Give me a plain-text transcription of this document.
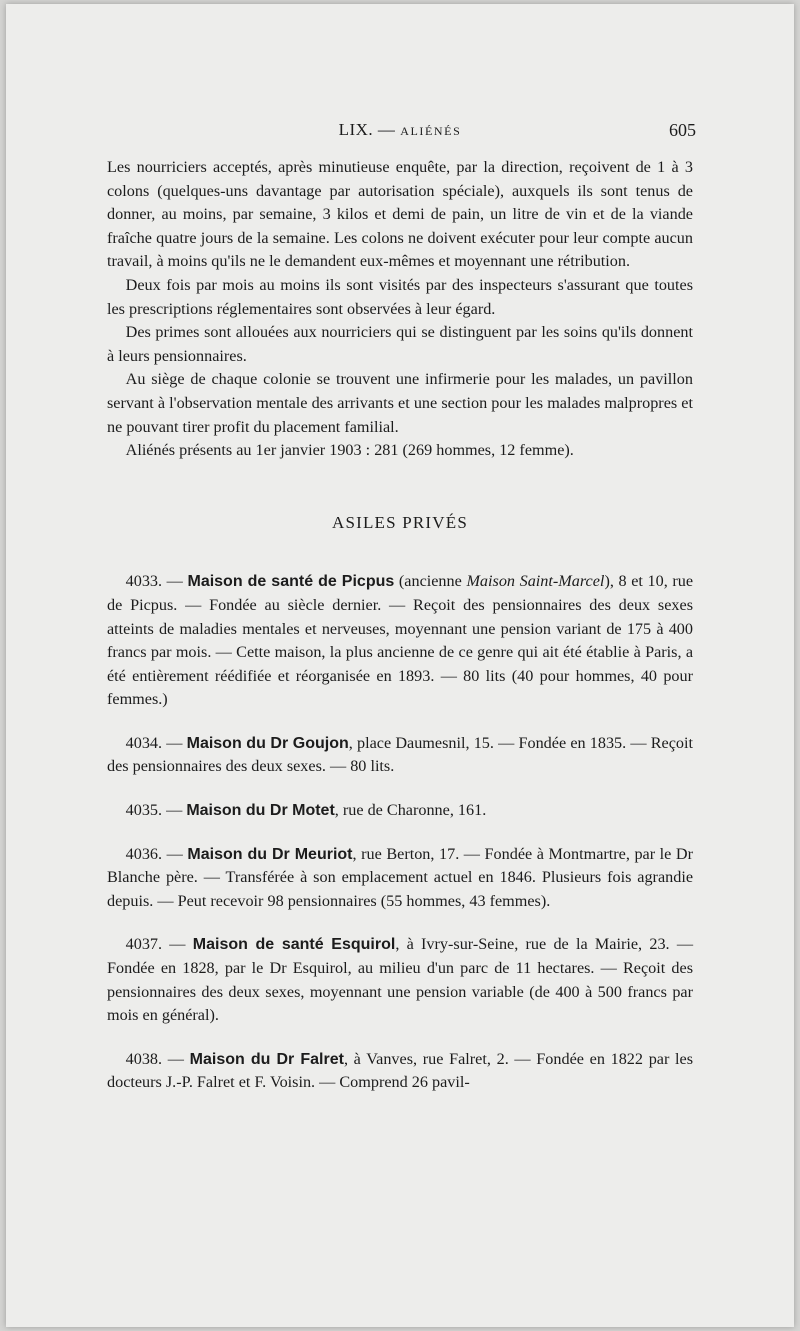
LIX. — ALIÉNÉS	605

Les nourriciers acceptés, après minutieuse enquête, par la direction, reçoivent de 1 à 3 colons (quelques-uns davantage par autorisation spéciale), auxquels ils sont tenus de donner, au moins, par semaine, 3 kilos et demi de pain, un litre de vin et de la viande fraîche quatre jours de la semaine. Les colons ne doivent exécuter pour leur compte aucun travail, à moins qu'ils ne le demandent eux-mêmes et moyennant une rétribution.

Deux fois par mois au moins ils sont visités par des inspecteurs s'assurant que toutes les prescriptions réglementaires sont observées à leur égard.

Des primes sont allouées aux nourriciers qui se distinguent par les soins qu'ils donnent à leurs pensionnaires.

Au siège de chaque colonie se trouvent une infirmerie pour les malades, un pavillon servant à l'observation mentale des arrivants et une section pour les malades malpropres et ne pouvant tirer profit du placement familial.

Aliénés présents au 1er janvier 1903 : 281 (269 hommes, 12 femme).

ASILES PRIVÉS

4033. — Maison de santé de Picpus (ancienne Maison Saint-Marcel), 8 et 10, rue de Picpus. — Fondée au siècle dernier. — Reçoit des pensionnaires des deux sexes atteints de maladies mentales et nerveuses, moyennant une pension variant de 175 à 400 francs par mois. — Cette maison, la plus ancienne de ce genre qui ait été établie à Paris, a été entièrement réédifiée et réorganisée en 1893. — 80 lits (40 pour hommes, 40 pour femmes.)

4034. — Maison du Dr Goujon, place Daumesnil, 15. — Fondée en 1835. — Reçoit des pensionnaires des deux sexes. — 80 lits.

4035. — Maison du Dr Motet, rue de Charonne, 161.

4036. — Maison du Dr Meuriot, rue Berton, 17. — Fondée à Montmartre, par le Dr Blanche père. — Transférée à son emplacement actuel en 1846. Plusieurs fois agrandie depuis. — Peut recevoir 98 pensionnaires (55 hommes, 43 femmes).

4037. — Maison de santé Esquirol, à Ivry-sur-Seine, rue de la Mairie, 23. — Fondée en 1828, par le Dr Esquirol, au milieu d'un parc de 11 hectares. — Reçoit des pensionnaires des deux sexes, moyennant une pension variable (de 400 à 500 francs par mois en général).

4038. — Maison du Dr Falret, à Vanves, rue Falret, 2. — Fondée en 1822 par les docteurs J.-P. Falret et F. Voisin. — Comprend 26 pavil-
